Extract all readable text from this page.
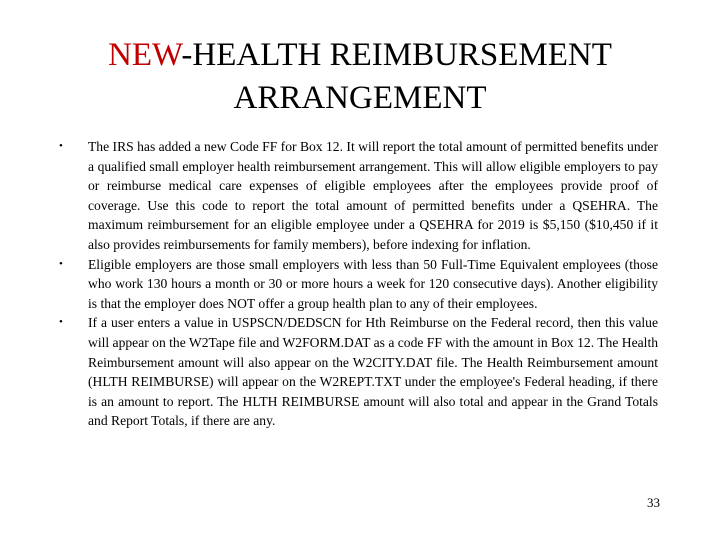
NEW-HEALTH REIMBURSEMENT ARRANGEMENT
• The IRS has added a new Code FF for Box 12. It will report the total amount of permitted benefits under a qualified small employer health reimbursement arrangement. This will allow eligible employers to pay or reimburse medical care expenses of eligible employees after the employees provide proof of coverage. Use this code to report the total amount of permitted benefits under a QSEHRA. The maximum reimbursement for an eligible employee under a QSEHRA for 2019 is $5,150 ($10,450 if it also provides reimbursements for family members), before indexing for inflation.
• Eligible employers are those small employers with less than 50 Full-Time Equivalent employees (those who work 130 hours a month or 30 or more hours a week for 120 consecutive days). Another eligibility is that the employer does NOT offer a group health plan to any of their employees.
• If a user enters a value in USPSCN/DEDSCN for Hth Reimburse on the Federal record, then this value will appear on the W2Tape file and W2FORM.DAT as a code FF with the amount in Box 12. The Health Reimbursement amount will also appear on the W2CITY.DAT file. The Health Reimbursement amount (HLTH REIMBURSE) will appear on the W2REPT.TXT under the employee's Federal heading, if there is an amount to report. The HLTH REIMBURSE amount will also total and appear in the Grand Totals and Report Totals, if there are any.
33
